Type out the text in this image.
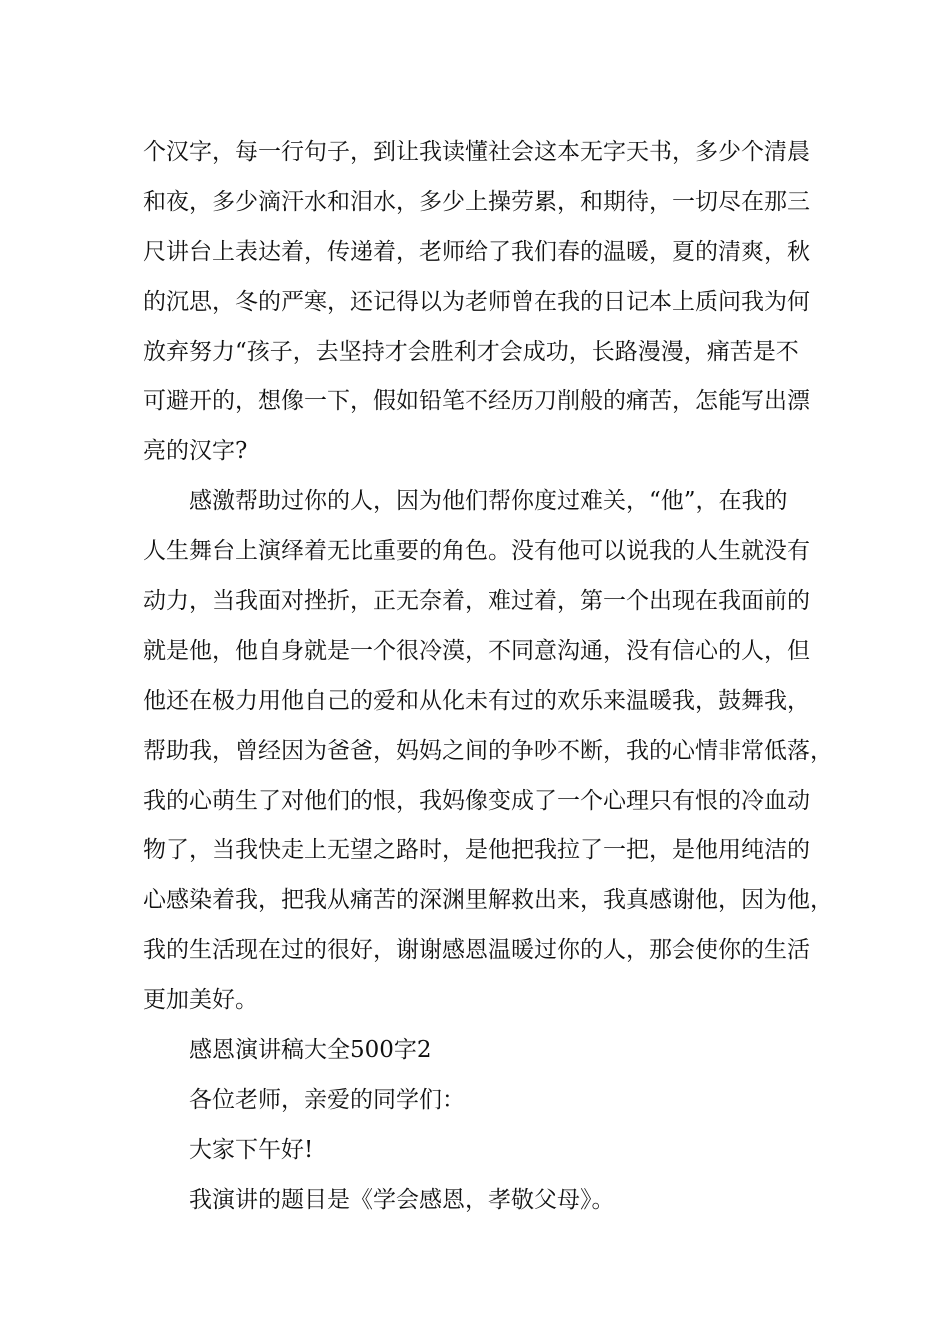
个汉字，每一行句子，到让我读懂社会这本无字天书，多少个清晨
和夜，多少滴汗水和泪水，多少上操劳累，和期待，一切尽在那三
尺讲台上表达着，传递着，老师给了我们春的温暖，夏的清爽，秋
的沉思，冬的严寒，还记得以为老师曾在我的日记本上质问我为何
放弃努力“孩子，去坚持才会胜利才会成功，长路漫漫，痛苦是不
可避开的，想像一下，假如铅笔不经历刀削般的痛苦，怎能写出漂
亮的汉字?
感激帮助过你的人，因为他们帮你度过难关，“他”，在我的
人生舞台上演绎着无比重要的角色。没有他可以说我的人生就没有
动力，当我面对挫折，正无奈着，难过着，第一个出现在我面前的
就是他，他自身就是一个很冷漠，不同意沟通，没有信心的人，但
他还在极力用他自己的爱和从化未有过的欢乐来温暖我，鼓舞我，
帮助我，曾经因为爸爸，妈妈之间的争吵不断，我的心情非常低落，
我的心萌生了对他们的恨，我妈像变成了一个心理只有恨的冷血动
物了，当我快走上无望之路时，是他把我拉了一把，是他用纯洁的
心感染着我，把我从痛苦的深渊里解救出来，我真感谢他，因为他，
我的生活现在过的很好，谢谢感恩温暖过你的人，那会使你的生活
更加美好。
感恩演讲稿大全500字2
各位老师，亲爱的同学们：
大家下午好!
我演讲的题目是《学会感恩，孝敬父母》。
